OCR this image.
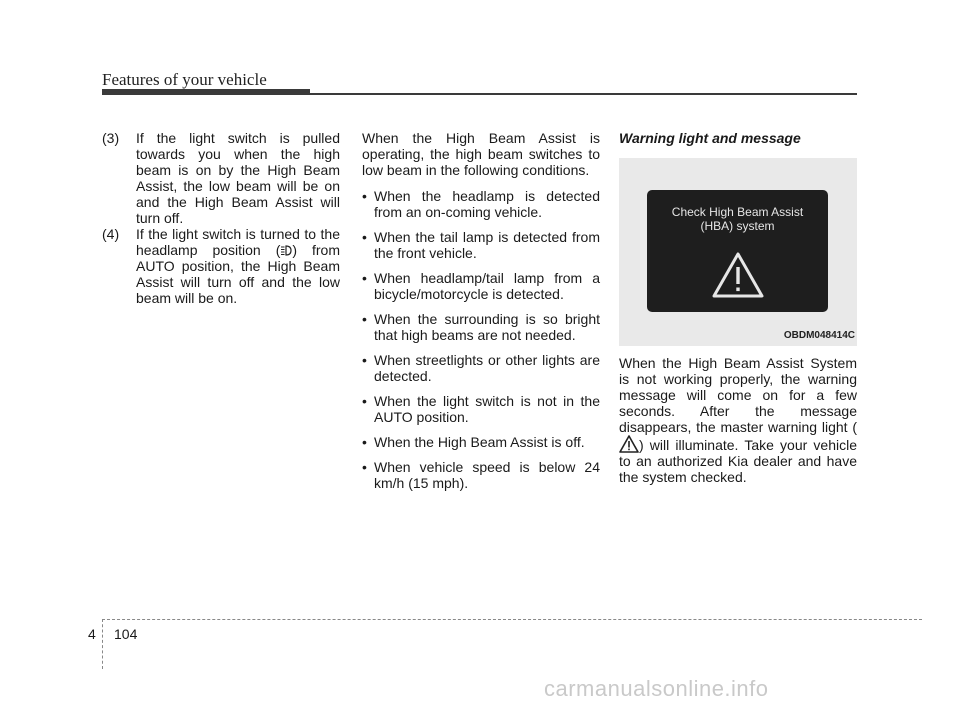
Features of your vehicle
(3) If the light switch is pulled towards you when the high beam is on by the High Beam Assist, the low beam will be on and the High Beam Assist will turn off.
(4) If the light switch is turned to the headlamp position ( ) from AUTO position, the High Beam Assist will turn off and the low beam will be on.

When the High Beam Assist is operating, the high beam switches to low beam in the following conditions.

• When the headlamp is detected from an on-coming vehicle.
• When the tail lamp is detected from the front vehicle.
• When headlamp/tail lamp from a bicycle/motorcycle is detected.
• When the surrounding is so bright that high beams are not needed.
• When streetlights or other lights are detected.
• When the light switch is not in the AUTO position.
• When the High Beam Assist is off.
• When vehicle speed is below 24 km/h (15 mph).
Warning light and message
Check High Beam Assist
(HBA) system
OBDM048414C
When the High Beam Assist System is not working properly, the warning message will come on for a few seconds. After the message disappears, the master warning light () will illuminate. Take your vehicle to an authorized Kia dealer and have the system checked.
4 104
carmanualsonline.info
